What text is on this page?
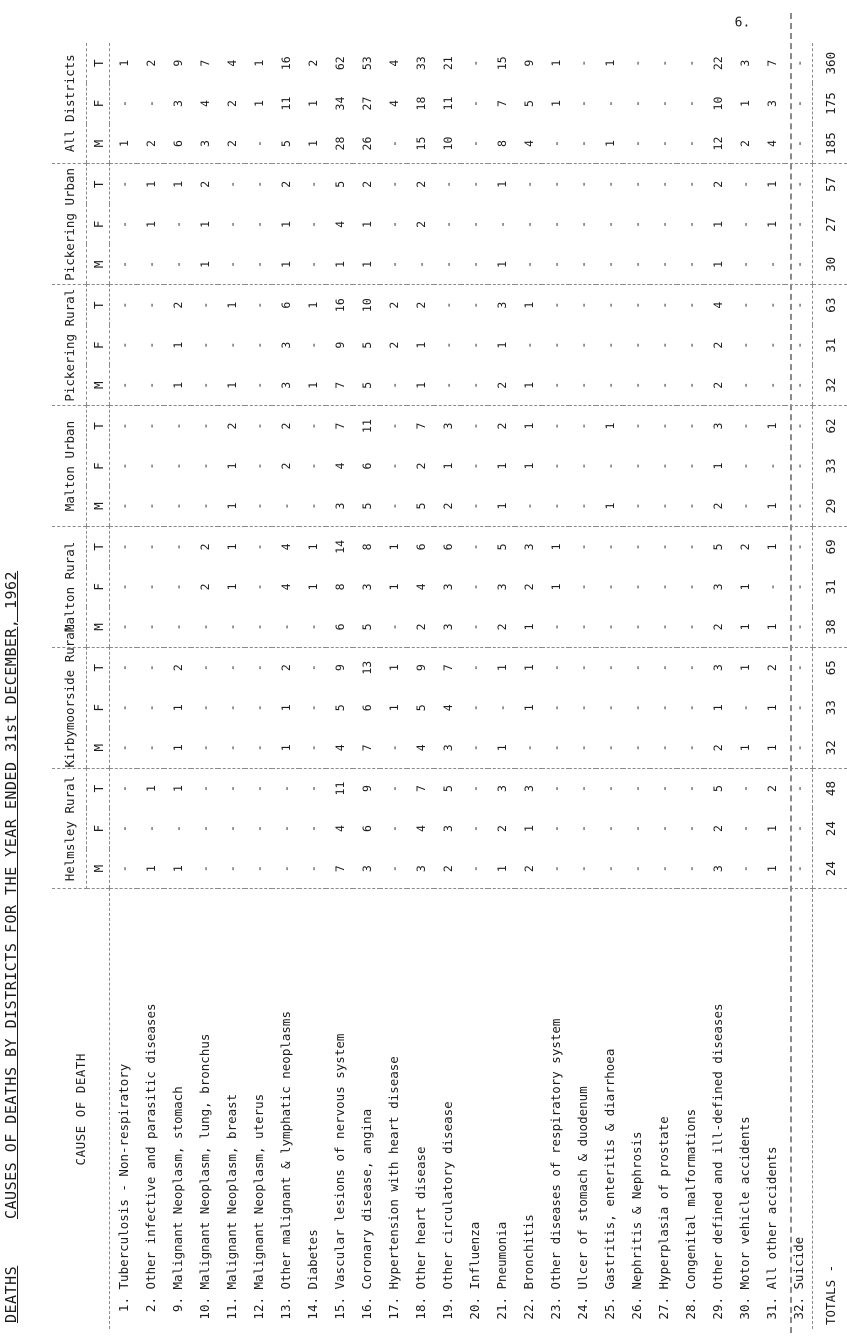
DEATHS
CAUSES OF DEATHS BY DISTRICTS FOR THE YEAR ENDED 31st DECEMBER, 1962	CAUSE OF DEATH	Helmsley Rural			Kirbymoorside Rural			Malton Rural			Malton Urban			Pickering Rural			Pickering Urban			All Districts		
	M	F	T	M	F	T	M	F	T	M	F	T	M	F	T	M	F	T	M	F	T
1. Tuberculosis - Non-respiratory	-	-	-	-	-	-	-	-	-	-	-	-	-	-	-	-	-	-	1	-	1
2. Other infective and parasitic diseases	1	-	1	-	-	-	-	-	-	-	-	-	-	-	-	-	1	1	2	-	2
9. Malignant Neoplasm, stomach	1	-	1	1	1	2	-	-	-	-	-	-	1	1	2	-	-	1	6	3	9
10. Malignant Neoplasm, lung, bronchus	-	-	-	-	-	-	-	2	2	-	-	-	-	-	-	1	1	2	3	4	7
11. Malignant Neoplasm, breast	-	-	-	-	-	-	-	1	1	1	1	2	1	-	1	-	-	-	2	2	4
12. Malignant Neoplasm, uterus	-	-	-	-	-	-	-	-	-	-	-	-	-	-	-	-	-	-	-	1	1
13. Other malignant & lymphatic neoplasms	-	-	-	1	1	2	-	4	4	-	2	2	3	3	6	1	1	2	5	11	16
14. Diabetes	-	-	-	-	-	-	-	1	1	-	-	-	1	-	1	-	-	-	1	1	2
15. Vascular lesions of nervous system	7	4	11	4	5	9	6	8	14	3	4	7	7	9	16	1	4	5	28	34	62
16. Coronary disease, angina	3	6	9	7	6	13	5	3	8	5	6	11	5	5	10	1	1	2	26	27	53
17. Hypertension with heart disease	-	-	-	-	1	1	-	1	1	-	-	-	-	2	2	-	-	-	-	4	4
18. Other heart disease	3	4	7	4	5	9	2	4	6	5	2	7	1	1	2	-	2	2	15	18	33
19. Other circulatory disease	2	3	5	3	4	7	3	3	6	2	1	3	-	-	-	-	-	-	10	11	21
20. Influenza	-	-	-	-	-	-	-	-	-	-	-	-	-	-	-	-	-	-	-	-	-
21. Pneumonia	1	2	3	1	-	1	2	3	5	1	1	2	2	1	3	1	-	1	8	7	15
22. Bronchitis	2	1	3	-	1	1	1	2	3	-	1	1	1	-	1	-	-	-	4	5	9
23. Other diseases of respiratory system	-	-	-	-	-	-	-	1	1	-	-	-	-	-	-	-	-	-	-	1	1
24. Ulcer of stomach & duodenum	-	-	-	-	-	-	-	-	-	-	-	-	-	-	-	-	-	-	-	-	-
25. Gastritis, enteritis & diarrhoea	-	-	-	-	-	-	-	-	-	1	-	1	-	-	-	-	-	-	1	-	1
26. Nephritis & Nephrosis	-	-	-	-	-	-	-	-	-	-	-	-	-	-	-	-	-	-	-	-	-
27. Hyperplasia of prostate	-	-	-	-	-	-	-	-	-	-	-	-	-	-	-	-	-	-	-	-	-
28. Congenital malformations	-	-	-	-	-	-	-	-	-	-	-	-	-	-	-	-	-	-	-	-	-
29. Other defined and ill-defined diseases	3	2	5	2	1	3	2	3	5	2	1	3	2	2	4	1	1	2	12	10	22
30. Motor vehicle accidents	-	-	-	1	-	1	1	1	2	-	-	-	-	-	-	-	-	-	2	1	3
31. All other accidents	1	1	2	1	1	2	1	-	1	1	-	1	-	-	-	-	1	1	4	3	7
32. Suicide	-	-	-	-	-	-	-	-	-	-	-	-	-	-	-	-	-	-	-	-	-
TOTALS -	24	24	48	32	33	65	38	31	69	29	33	62	32	31	63	30	27	57	185	175	360
6.
